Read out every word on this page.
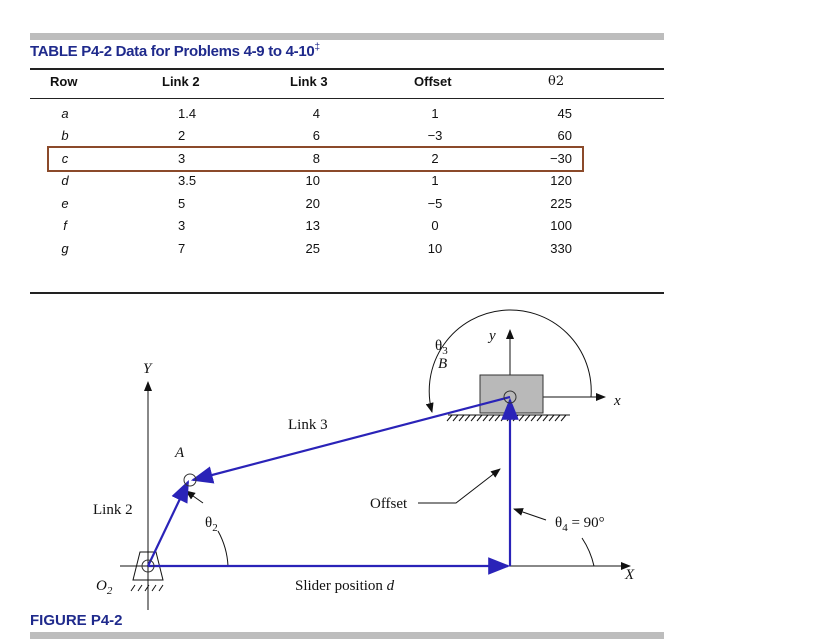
TABLE P4-2 Data for Problems 4-9 to 4-10‡
Row	Link 2	Link 3	Offset	θ2
a	1.4	4	1	45
b	2	6	−3	60
c	3	8	2	−30
d	3.5	10	1	120
e	5	20	−5	225
f	3	13	0	100
g	7	25	10	330
Y
X
y
x
A
B
$O_2$
Link 2
Link 3
Offset
$\theta_2$
$\theta_3$
$\theta_4 = 90^\circ$
Slider position d
FIGURE P4-2
